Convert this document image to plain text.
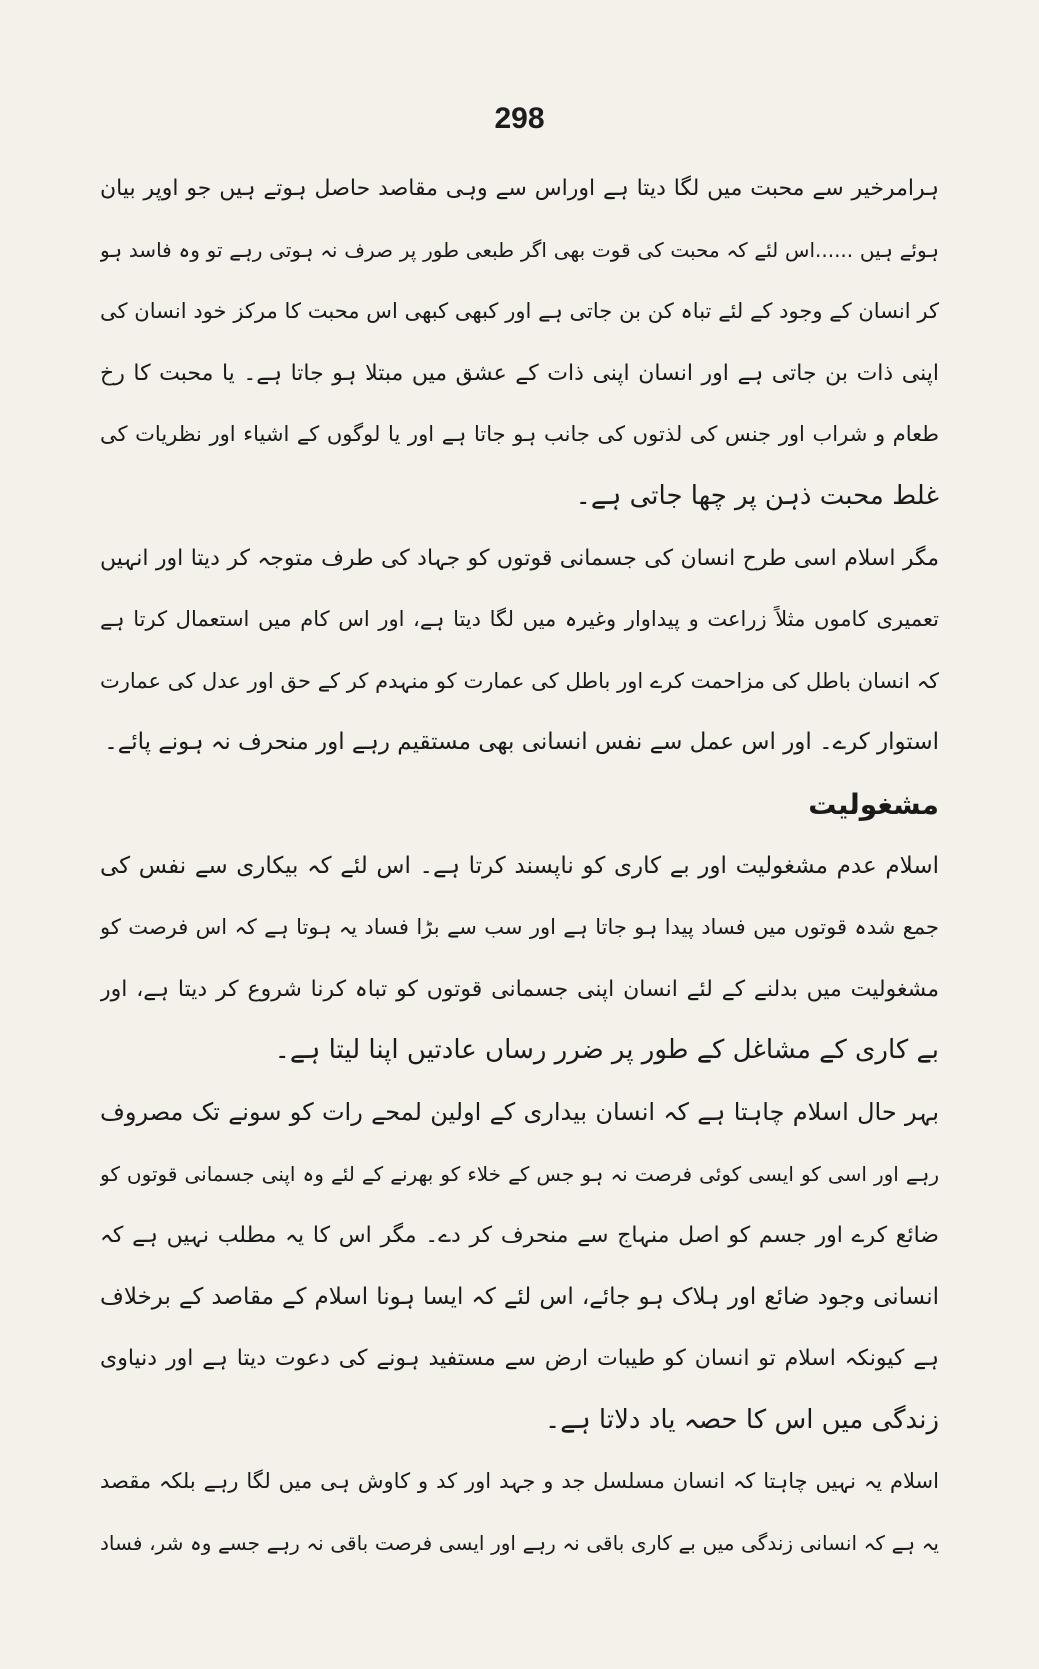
298
ہرامرخیر سے محبت میں لگا دیتا ہے اوراس سے وہی مقاصد حاصل ہوتے ہیں جو اوپر بیان
ہوئے ہیں ......اس لئے کہ محبت کی قوت بھی اگر طبعی طور پر صرف نہ ہوتی رہے تو وہ فاسد ہو
کر انسان کے وجود کے لئے تباہ کن بن جاتی ہے اور کبھی کبھی اس محبت کا مرکز خود انسان کی
اپنی ذات بن جاتی ہے اور انسان اپنی ذات کے عشق میں مبتلا ہو جاتا ہے۔ یا محبت کا رخ
طعام و شراب اور جنس کی لذتوں کی جانب ہو جاتا ہے اور یا لوگوں کے اشیاء اور نظریات کی
غلط محبت ذہن پر چھا جاتی ہے۔
مگر اسلام اسی طرح انسان کی جسمانی قوتوں کو جہاد کی طرف متوجہ کر دیتا اور انہیں
تعمیری کاموں مثلاً زراعت و پیداوار وغیرہ میں لگا دیتا ہے، اور اس کام میں استعمال کرتا ہے
کہ انسان باطل کی مزاحمت کرے اور باطل کی عمارت کو منہدم کر کے حق اور عدل کی عمارت
استوار کرے۔ اور اس عمل سے نفس انسانی بھی مستقیم رہے اور منحرف نہ ہونے پائے۔
مشغولیت
اسلام عدم مشغولیت اور بے کاری کو ناپسند کرتا ہے۔ اس لئے کہ بیکاری سے نفس کی
جمع شدہ قوتوں میں فساد پیدا ہو جاتا ہے اور سب سے بڑا فساد یہ ہوتا ہے کہ اس فرصت کو
مشغولیت میں بدلنے کے لئے انسان اپنی جسمانی قوتوں کو تباہ کرنا شروع کر دیتا ہے، اور
بے کاری کے مشاغل کے طور پر ضرر رساں عادتیں اپنا لیتا ہے۔
بہر حال اسلام چاہتا ہے کہ انسان بیداری کے اولین لمحے رات کو سونے تک مصروف
رہے اور اسی کو ایسی کوئی فرصت نہ ہو جس کے خلاء کو بھرنے کے لئے وہ اپنی جسمانی قوتوں کو
ضائع کرے اور جسم کو اصل منہاج سے منحرف کر دے۔ مگر اس کا یہ مطلب نہیں ہے کہ
انسانی وجود ضائع اور ہلاک ہو جائے، اس لئے کہ ایسا ہونا اسلام کے مقاصد کے برخلاف
ہے کیونکہ اسلام تو انسان کو طیبات ارض سے مستفید ہونے کی دعوت دیتا ہے اور دنیاوی
زندگی میں اس کا حصہ یاد دلاتا ہے۔
اسلام یہ نہیں چاہتا کہ انسان مسلسل جد و جہد اور کد و کاوش ہی میں لگا رہے بلکہ مقصد
یہ ہے کہ انسانی زندگی میں بے کاری باقی نہ رہے اور ایسی فرصت باقی نہ رہے جسے وہ شر، فساد
